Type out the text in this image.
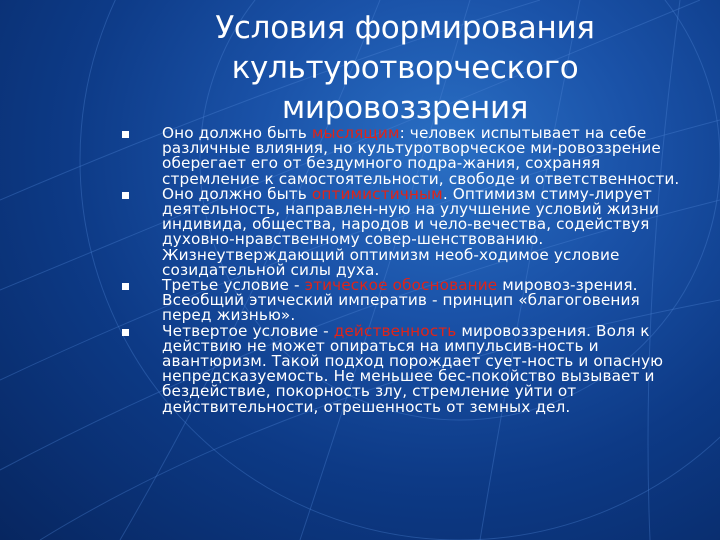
Условия формирования
культуротворческого
мировоззрения
Оно должно быть мыслящим: человек испытывает на себе различные влияния, но культуротворческое ми-ровоззрение оберегает его от бездумного подра-жания, сохраняя стремление к самостоятельности, свободе и ответственности.
Оно должно быть оптимистичным. Оптимизм стиму-лирует деятельность, направлен-ную на улучшение условий жизни индивида, общества, народов и чело-вечества, содействуя духовно-нравственному совер-шенствованию. Жизнеутверждающий оптимизм необ-ходимое условие созидательной силы духа.
Третье условие - этическое обоснование мировоз-зрения. Всеобщий этический императив - принцип «благоговения перед жизнью».
Четвертое условие - действенность мировоззрения. Воля к действию не может опираться на импульсив-ность и авантюризм. Такой подход порождает сует-ность и опасную непредсказуемость. Не меньшее бес-покойство вызывает и бездействие, покорность злу, стремление уйти от действительности, отрешенность от земных дел.
